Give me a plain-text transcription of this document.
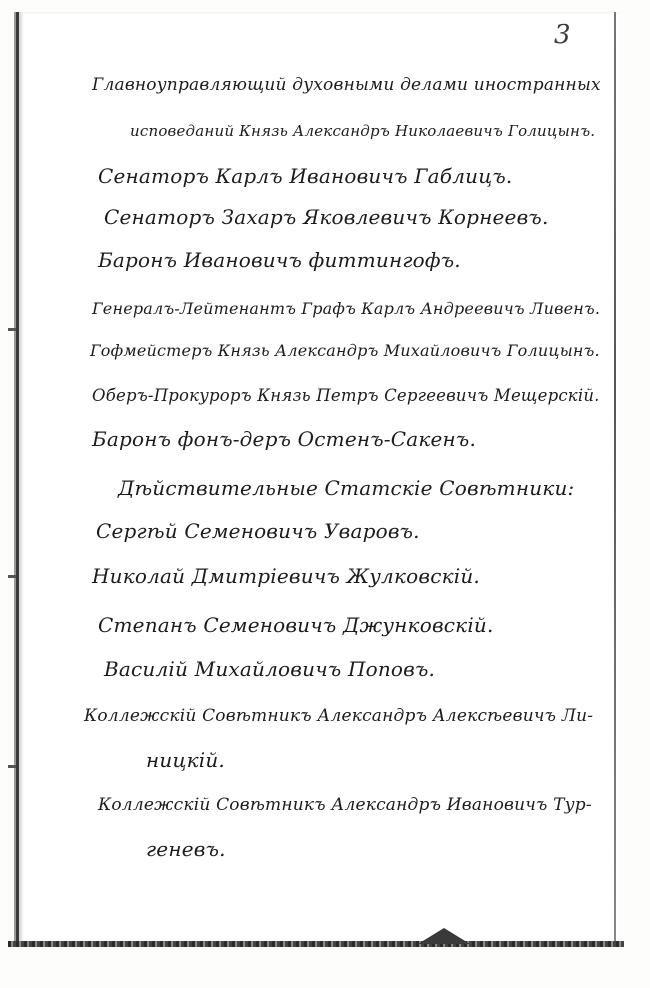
3
Главноуправляющий духовными делами иностранных
исповеданий Князь Александръ Николаевичъ Голицынъ.
Сенаторъ Карлъ Ивановичъ Габлицъ.
Сенаторъ Захаръ Яковлевичъ Корнеевъ.
Баронъ Ивановичъ фиттингофъ.
Генералъ-Лейтенантъ Графъ Карлъ Андреевичъ Ливенъ.
Гофмейстеръ Князь Александръ Михайловичъ Голицынъ.
Оберъ-Прокуроръ Князь Петръ Сергеевичъ Мещерскій.
Баронъ фонъ-деръ Остенъ-Сакенъ.
Дѣйствительные Статскіе Совѣтники:
Сергѣй Семеновичъ Уваровъ.
Николай Дмитріевичъ Жулковскій.
Степанъ Семеновичъ Джунковскій.
Василій Михайловичъ Поповъ.
Коллежскій Совѣтникъ Александръ Алексѣевичъ Ли-
ницкій.
Коллежскій Совѣтникъ Александръ Ивановичъ Тур-
геневъ.
